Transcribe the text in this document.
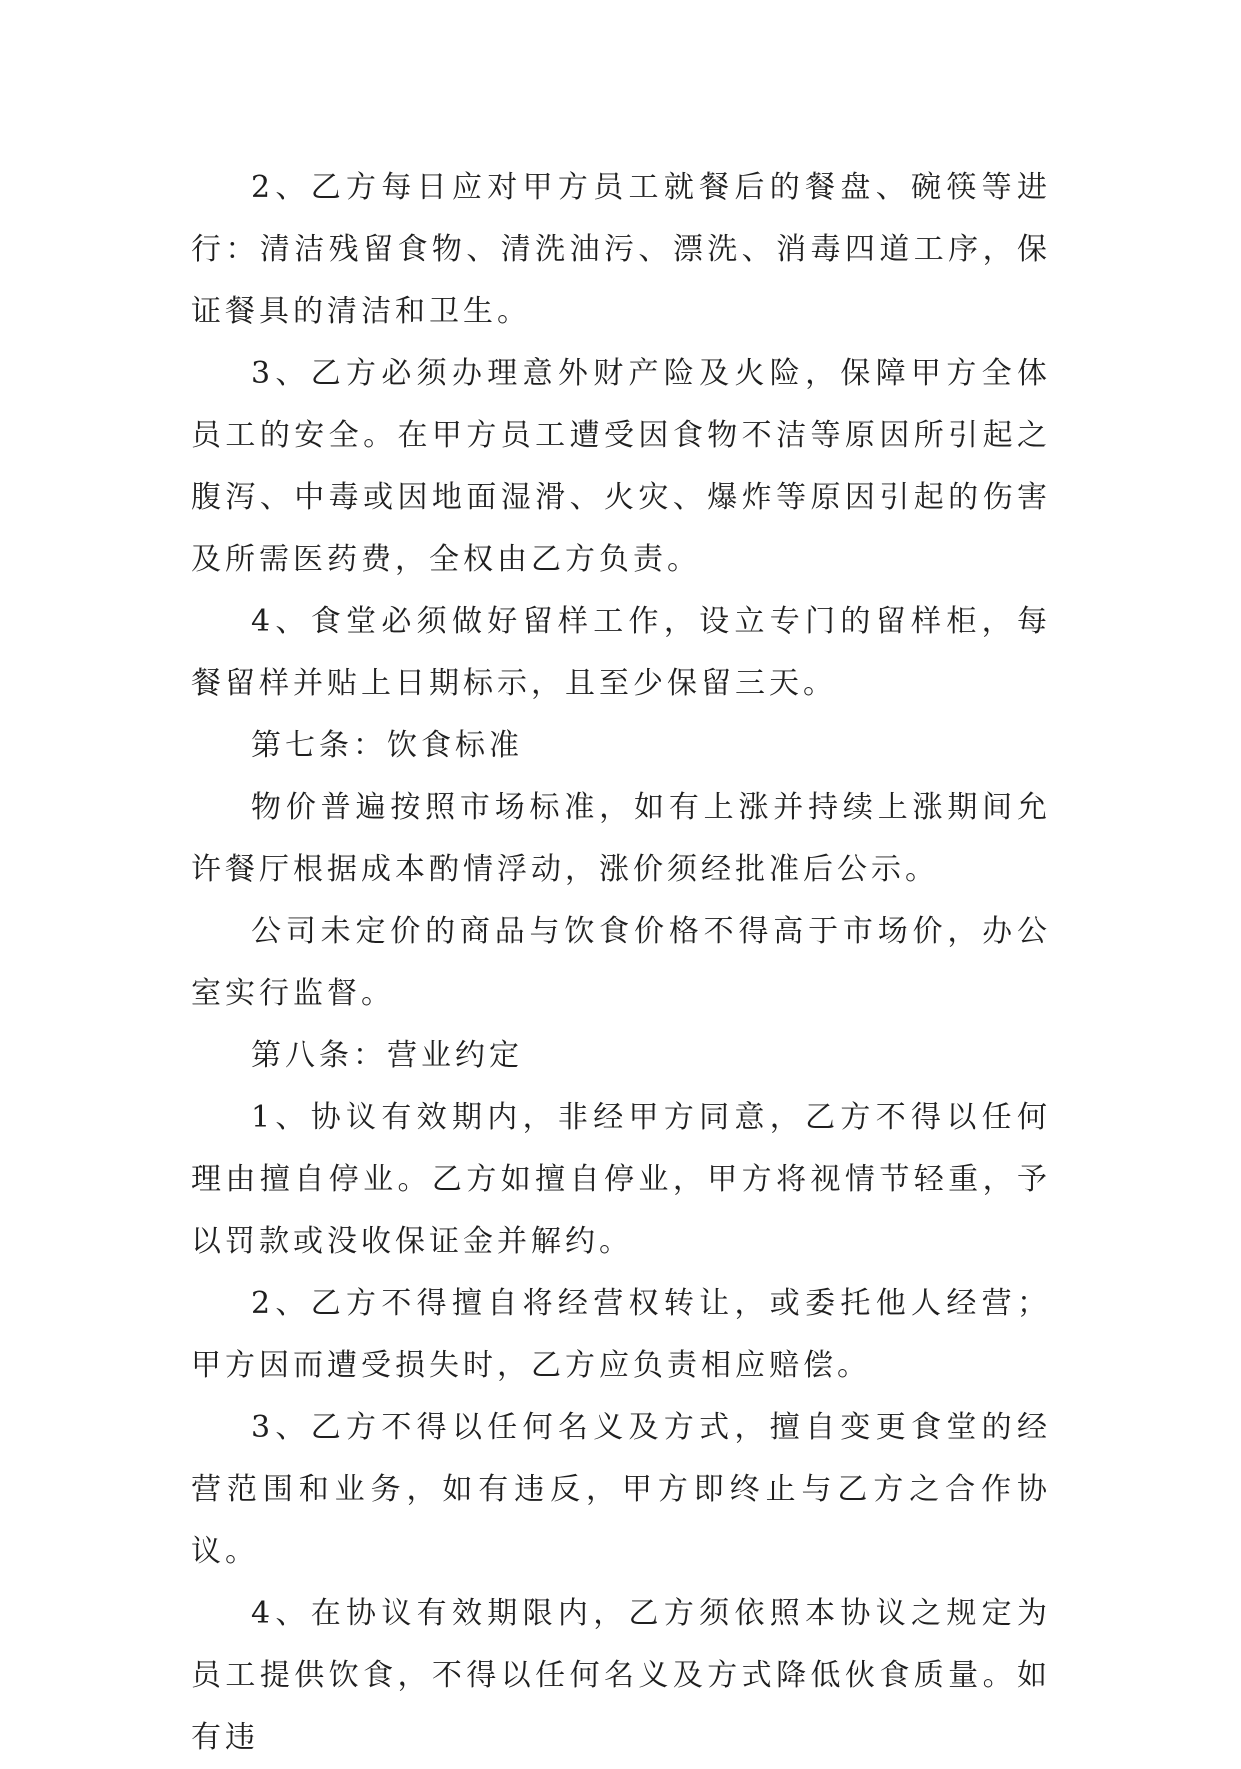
2、乙方每日应对甲方员工就餐后的餐盘、碗筷等进行：清洁残留食物、清洗油污、漂洗、消毒四道工序，保证餐具的清洁和卫生。

3、乙方必须办理意外财产险及火险，保障甲方全体员工的安全。在甲方员工遭受因食物不洁等原因所引起之腹泻、中毒或因地面湿滑、火灾、爆炸等原因引起的伤害及所需医药费，全权由乙方负责。

4、食堂必须做好留样工作，设立专门的留样柜，每餐留样并贴上日期标示，且至少保留三天。

第七条：饮食标准

物价普遍按照市场标准，如有上涨并持续上涨期间允许餐厅根据成本酌情浮动，涨价须经批准后公示。

公司未定价的商品与饮食价格不得高于市场价，办公室实行监督。

第八条：营业约定

1、协议有效期内，非经甲方同意，乙方不得以任何理由擅自停业。乙方如擅自停业，甲方将视情节轻重，予以罚款或没收保证金并解约。

2、乙方不得擅自将经营权转让，或委托他人经营；甲方因而遭受损失时，乙方应负责相应赔偿。

3、乙方不得以任何名义及方式，擅自变更食堂的经营范围和业务，如有违反，甲方即终止与乙方之合作协议。

4、在协议有效期限内，乙方须依照本协议之规定为员工提供饮食，不得以任何名义及方式降低伙食质量。如有违
